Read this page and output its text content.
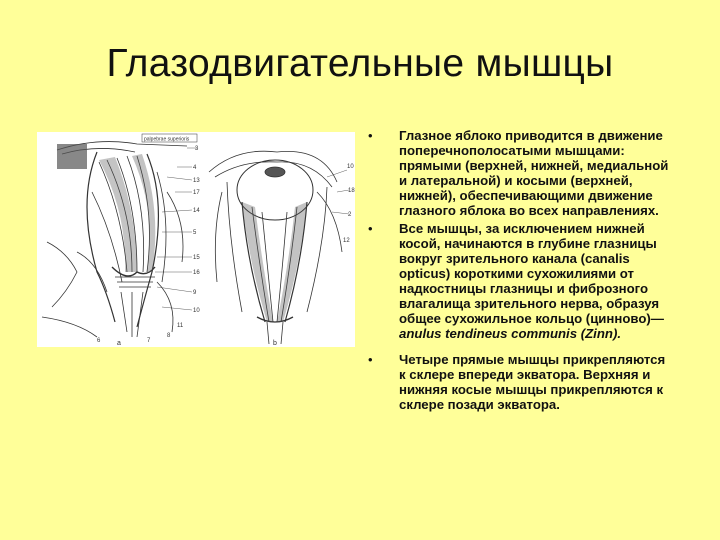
Глазодвигательные мышцы
palpebrae superioris
3
4
13
17
14
5
15
16
9
10
11
8
7
6
10
18
2
12
a	b
• Глазное яблоко приводится в движение поперечнополосатыми мышцами: прямыми (верхней, нижней, медиальной и латеральной) и косыми (верхней, нижней), обеспечивающими движение глазного яблока во всех направлениях.
• Все мышцы, за исключением нижней косой, начинаются в глубине глазницы вокруг зрительного канала (canalis opticus) короткими сухожилиями от надкостницы глазницы и фиброзного влагалища зрительного нерва, образуя общее сухожильное кольцо (цинново)—anulus tendineus communis (Zinn).
• Четыре прямые мышцы прикрепляются к склере впереди экватора. Верхняя и нижняя косые мышцы прикрепляются к склере позади экватора.
